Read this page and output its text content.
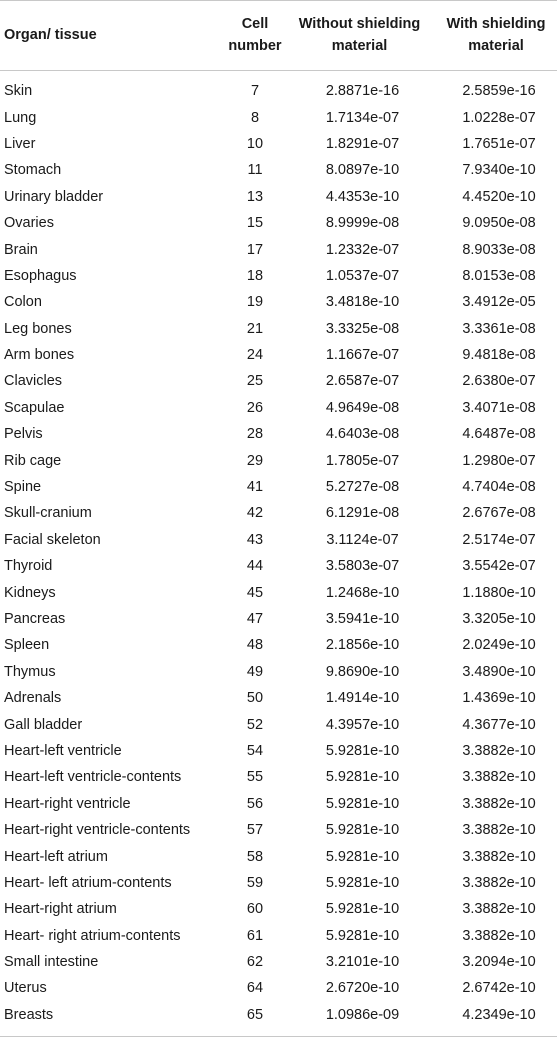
Organ/ tissue	Cell number	Without shielding material	With shielding material
Skin	7	2.8871e-16	2.5859e-16
Lung	8	1.7134e-07	1.0228e-07
Liver	10	1.8291e-07	1.7651e-07
Stomach	11	8.0897e-10	7.9340e-10
Urinary bladder	13	4.4353e-10	4.4520e-10
Ovaries	15	8.9999e-08	9.0950e-08
Brain	17	1.2332e-07	8.9033e-08
Esophagus	18	1.0537e-07	8.0153e-08
Colon	19	3.4818e-10	3.4912e-05
Leg bones	21	3.3325e-08	3.3361e-08
Arm bones	24	1.1667e-07	9.4818e-08
Clavicles	25	2.6587e-07	2.6380e-07
Scapulae	26	4.9649e-08	3.4071e-08
Pelvis	28	4.6403e-08	4.6487e-08
Rib cage	29	1.7805e-07	1.2980e-07
Spine	41	5.2727e-08	4.7404e-08
Skull-cranium	42	6.1291e-08	2.6767e-08
Facial skeleton	43	3.1124e-07	2.5174e-07
Thyroid	44	3.5803e-07	3.5542e-07
Kidneys	45	1.2468e-10	1.1880e-10
Pancreas	47	3.5941e-10	3.3205e-10
Spleen	48	2.1856e-10	2.0249e-10
Thymus	49	9.8690e-10	3.4890e-10
Adrenals	50	1.4914e-10	1.4369e-10
Gall bladder	52	4.3957e-10	4.3677e-10
Heart-left ventricle	54	5.9281e-10	3.3882e-10
Heart-left ventricle-contents	55	5.9281e-10	3.3882e-10
Heart-right ventricle	56	5.9281e-10	3.3882e-10
Heart-right ventricle-contents	57	5.9281e-10	3.3882e-10
Heart-left atrium	58	5.9281e-10	3.3882e-10
Heart- left atrium-contents	59	5.9281e-10	3.3882e-10
Heart-right atrium	60	5.9281e-10	3.3882e-10
Heart- right atrium-contents	61	5.9281e-10	3.3882e-10
Small intestine	62	3.2101e-10	3.2094e-10
Uterus	64	2.6720e-10	2.6742e-10
Breasts	65	1.0986e-09	4.2349e-10
